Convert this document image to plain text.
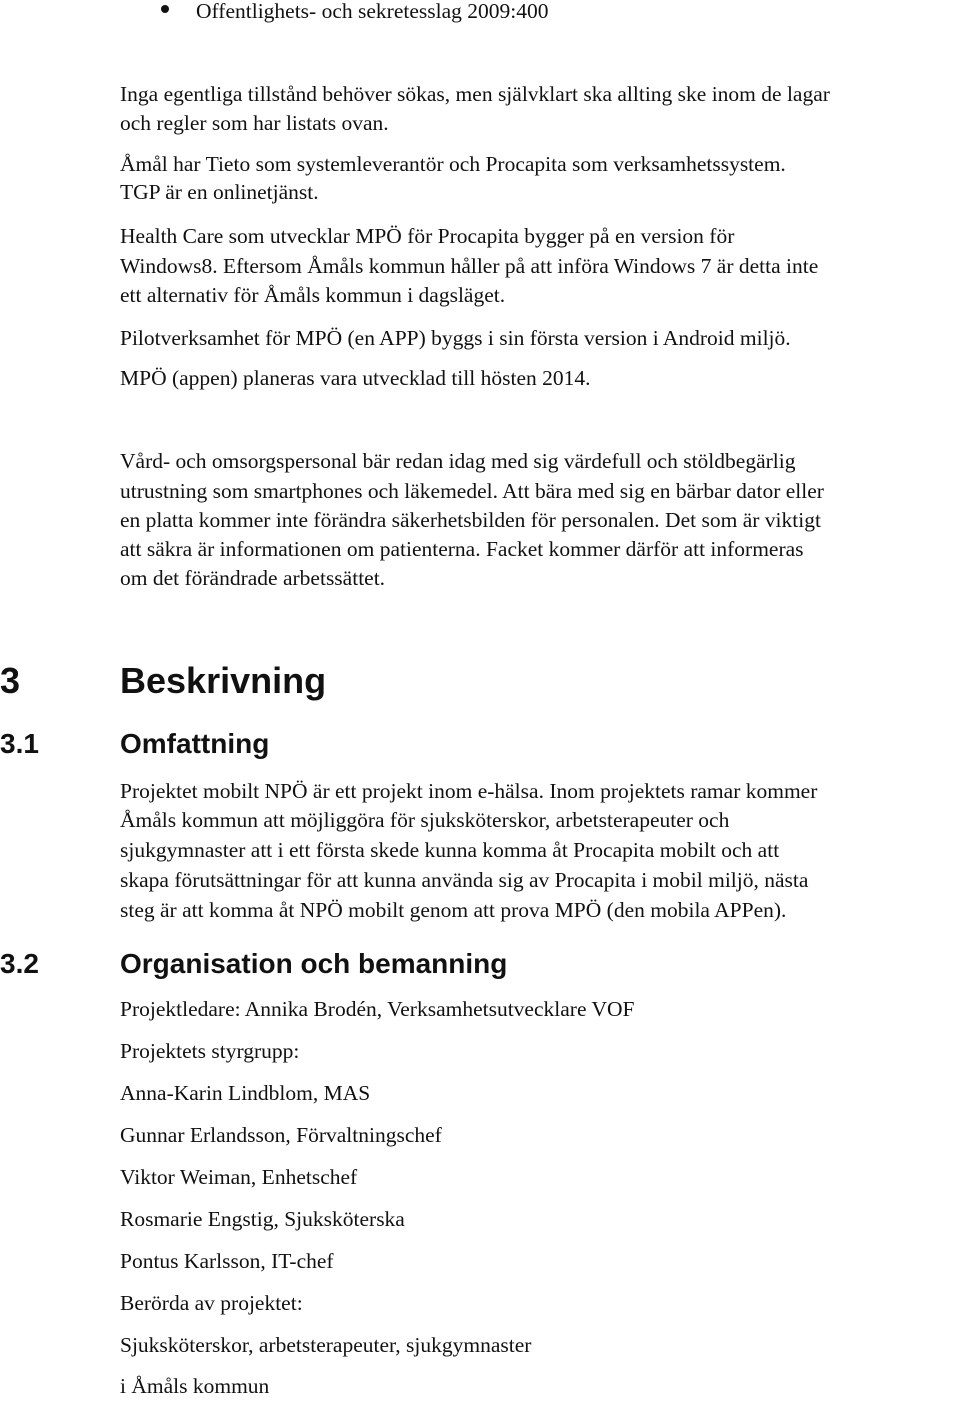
Offentlighets- och sekretesslag 2009:400

Inga egentliga tillstånd behöver sökas, men självklart ska allting ske inom de lagar

och regler som har listats ovan.

Åmål har Tieto som systemleverantör och Procapita som verksamhetssystem.

TGP är en onlinetjänst.

Health Care som utvecklar MPÖ för Procapita bygger på en version för

Windows8. Eftersom Åmåls kommun håller på att införa Windows 7 är detta inte

ett alternativ för Åmåls kommun i dagsläget.

Pilotverksamhet för MPÖ (en APP) byggs i sin första version i Android miljö.

MPÖ (appen) planeras vara utvecklad till hösten 2014.

Vård- och omsorgspersonal bär redan idag med sig värdefull och stöldbegärlig

utrustning som smartphones och läkemedel. Att bära med sig en bärbar dator eller

en platta kommer inte förändra säkerhetsbilden för personalen. Det som är viktigt

att säkra är informationen om patienterna. Facket kommer därför att informeras

om det förändrade arbetssättet.

3	Beskrivning
3.1	Omfattning

Projektet mobilt NPÖ är ett projekt inom e-hälsa. Inom projektets ramar kommer

Åmåls kommun att möjliggöra för sjuksköterskor, arbetsterapeuter och

sjukgymnaster att i ett första skede kunna komma åt Procapita mobilt och att

skapa förutsättningar för att kunna använda sig av Procapita i mobil miljö, nästa

steg är att komma åt NPÖ mobilt genom att prova MPÖ (den mobila APPen).

3.2	Organisation och bemanning

Projektledare: Annika Brodén, Verksamhetsutvecklare VOF

Projektets styrgrupp:

Anna-Karin Lindblom, MAS

Gunnar Erlandsson, Förvaltningschef

Viktor Weiman, Enhetschef

Rosmarie Engstig, Sjuksköterska

Pontus Karlsson, IT-chef

Berörda av projektet:

Sjuksköterskor, arbetsterapeuter, sjukgymnaster

i Åmåls kommun
